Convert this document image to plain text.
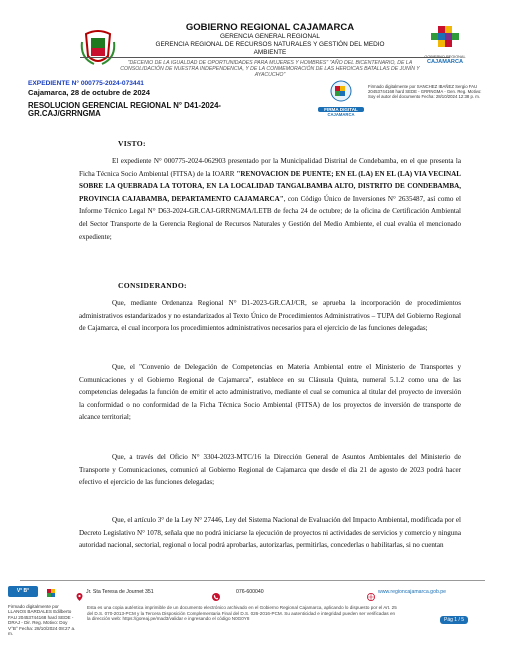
GOBIERNO REGIONAL CAJAMARCA
GERENCIA GENERAL REGIONAL
GERENCIA REGIONAL DE RECURSOS NATURALES Y GESTIÓN DEL MEDIO
AMBIENTE
GOBIERNO REGIONAL
CAJAMARCA
"DECENIO DE LA IGUALDAD DE OPORTUNIDADES PARA MUJERES Y HOMBRES" "AÑO DEL BICENTENARIO, DE LA CONSOLIDACIÓN DE NUESTRA INDEPENDENCIA, Y DE LA CONMEMORACIÓN DE LAS HEROICAS BATALLAS DE JUNÍN Y AYACUCHO"
EXPEDIENTE N° 000775-2024-073441
Cajamarca, 28 de octubre de 2024
RESOLUCION GERENCIAL REGIONAL N° D41-2024-
GR.CAJ/GRRNGMA	FIRMA DIGITAL
CAJAMARCA
Firmado digitalmente por SANCHEZ IBAÑEZ Sergio FAU 20453744168 hard SEDE - GRRNGMA - Gen. Reg. Motivo: Soy el autor del documento Fecha: 28/10/2024 12:38 p. m.
VISTO:

El expediente N° 000775-2024-062903 presentado por la Municipalidad Distrital de Condebamba, en el que presenta la Ficha Técnica Socio Ambiental (FITSA) de la IOARR "RENOVACION DE PUENTE; EN EL (LA) EN EL (LA) VIA VECINAL SOBRE LA QUEBRADA LA TOTORA, EN LA LOCALIDAD TANGALBAMBA ALTO, DISTRITO DE CONDEBAMBA, PROVINCIA CAJABAMBA, DEPARTAMENTO CAJAMARCA", con Código Único de Inversiones N° 2635487, así como el Informe Técnico Legal N° D63-2024-GR.CAJ-GRRNGMA/LETB de fecha 24 de octubre; de la oficina de Certificación Ambiental del Sector Transporte de la Gerencia Regional de Recursos Naturales y Gestión del Medio Ambiente, el cual evalúa el mencionado expediente;

CONSIDERANDO:

Que, mediante Ordenanza Regional N° D1-2023-GR.CAJ/CR, se aprueba la incorporación de procedimientos administrativos estandarizados y no estandarizados al Texto Único de Procedimientos Administrativos – TUPA del Gobierno Regional de Cajamarca, el cual incorpora los procedimientos administrativos necesarios para el ejercicio de las funciones delegadas;

Que, el "Convenio de Delegación de Competencias en Materia Ambiental entre el Ministerio de Transportes y Comunicaciones y el Gobierno Regional de Cajamarca", establece en su Cláusula Quinta, numeral 5.1.2 como una de las competencias delegadas la función de emitir el acto administrativo, mediante el cual se comunica al titular del proyecto de inversión la conformidad o no conformidad de la Ficha Técnica Socio Ambiental (FITSA) de los proyectos de inversión de transporte de alcance territorial;

Que, a través del Oficio N° 3304-2023-MTC/16 la Dirección General de Asuntos Ambientales del Ministerio de Transporte y Comunicaciones, comunicó al Gobierno Regional de Cajamarca que desde el día 21 de agosto de 2023 podrá hacer efectivo el ejercicio de las funciones delegadas;

Que, el artículo 3° de la Ley N° 27446, Ley del Sistema Nacional de Evaluación del Impacto Ambiental, modificada por el Decreto Legislativo N° 1078, señala que no podrá iniciarse la ejecución de proyectos ni actividades de servicios y comercio y ninguna autoridad nacional, sectorial, regional o local podrá aprobarlas, autorizarlas, permitirlas, concederlas o habilitarlas, si no cuentan

V° B°	Jr. Sta Teresa de Journet 351	076-600040	www.regioncajamarca.gob.pe
Firmado digitalmente por LLANOS BARDALES Edilberto FAU 20453744168 hard SEDE - DRAJ - Dir. Reg. Motivo: Doy V°B° Fecha: 28/10/2024 08:27 a. m.
Esta es una copia auténtica imprimible de un documento electrónico archivado en el Gobierno Regional Cajamarca, aplicando lo dispuesto por el Art. 25 del D.S. 070-2013-PCM y la Tercera Disposición Complementaria Final del D.S. 026-2016-PCM. Su autenticidad e integridad pueden ser verificadas en la dirección web: https://goreaj.pe/mad3/validar e ingresando el código N0G0Y8	Pág 1 / 5
